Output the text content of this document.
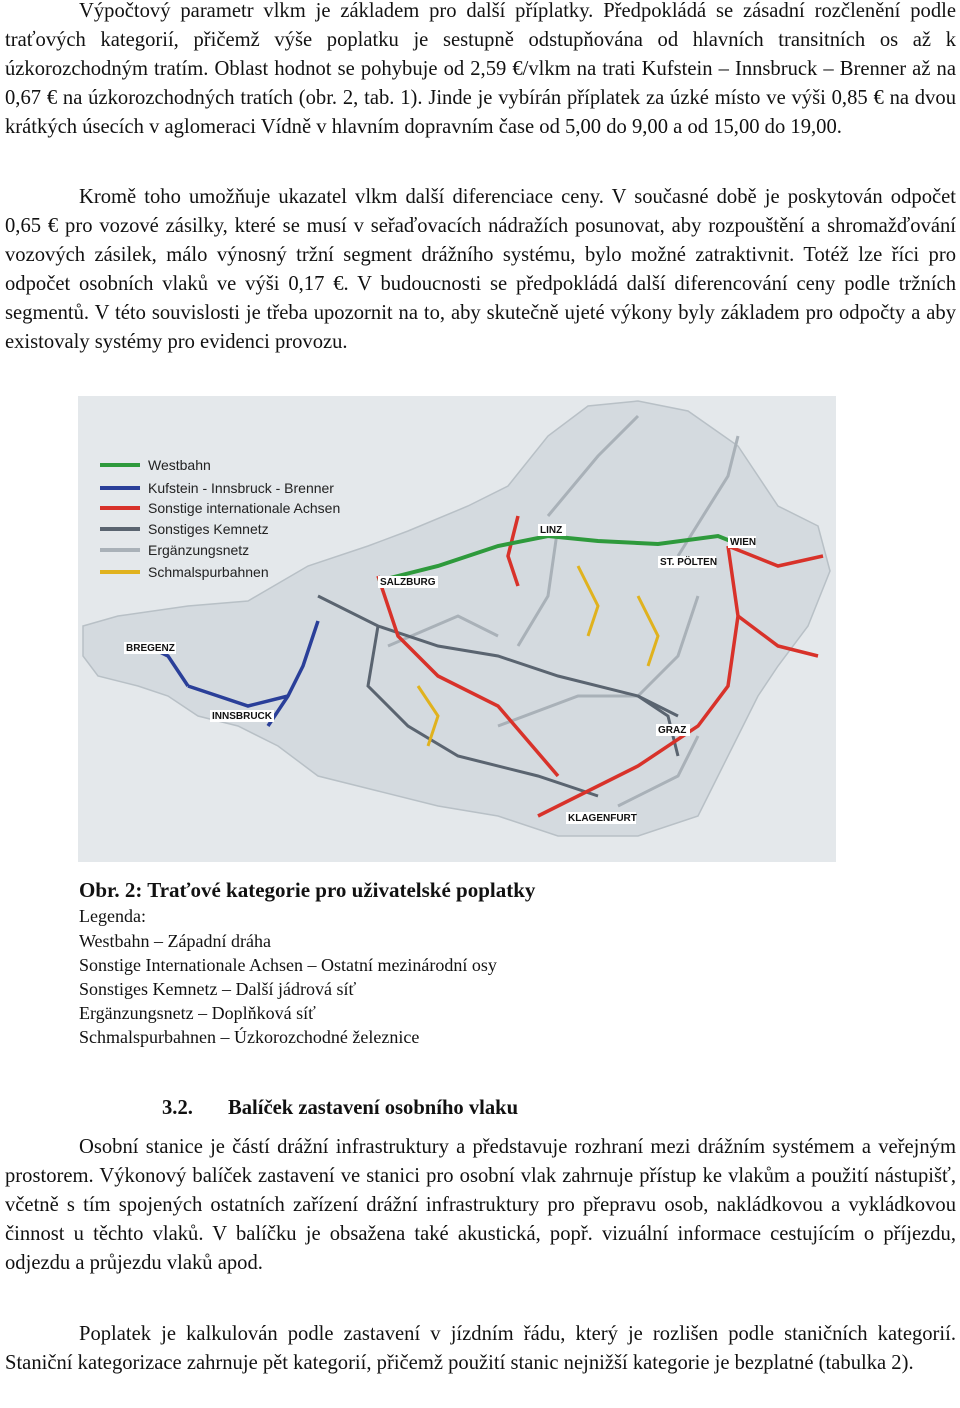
Výpočtový parametr vlkm je základem pro další příplatky. Předpokládá se zásadní rozčlenění podle traťových kategorií, přičemž výše poplatku je sestupně odstupňována od hlavních transitních os až k úzkorozchodným tratím. Oblast hodnot se pohybuje od 2,59 €/vlkm na trati Kufstein – Innsbruck – Brenner až na 0,67 € na úzkorozchodných tratích (obr. 2, tab. 1). Jinde je vybírán příplatek za úzké místo ve výši 0,85 € na dvou krátkých úsecích v aglomeraci Vídně v hlavním dopravním čase od 5,00 do 9,00 a od 15,00 do 19,00.

Kromě toho umožňuje ukazatel vlkm další diferenciace ceny. V současné době je poskytován odpočet 0,65 € pro vozové zásilky, které se musí v seřaďovacích nádražích posunovat, aby rozpouštění a shromažďování vozových zásilek, málo výnosný tržní segment drážního systému, bylo možné zatraktivnit. Totéž lze říci pro odpočet osobních vlaků ve výši 0,17 €. V budoucnosti se předpokládá další diferencování ceny podle tržních segmentů. V této souvislosti je třeba upozornit na to, aby skutečně ujeté výkony byly základem pro odpočty a aby existovaly systémy pro evidenci provozu.

Westbahn
Kufstein - Innsbruck - Brenner
Sonstige internationale Achsen
Sonstiges Kemnetz
Ergänzungsnetz
Schmalspurbahnen
LINZ
WIEN
ST. PÖLTEN
SALZBURG
BREGENZ
INNSBRUCK
GRAZ
KLAGENFURT

Obr. 2: Traťové kategorie pro uživatelské poplatky

Legenda:

Westbahn – Západní dráha

Sonstige Internationale Achsen – Ostatní mezinárodní osy

Sonstiges Kemnetz – Další jádrová síť

Ergänzungsnetz – Doplňková síť

Schmalspurbahnen – Úzkorozchodné železnice

3.2. Balíček zastavení osobního vlaku

Osobní stanice je částí drážní infrastruktury a představuje rozhraní mezi drážním systémem a veřejným prostorem. Výkonový balíček zastavení ve stanici pro osobní vlak zahrnuje přístup ke vlakům a použití nástupišť, včetně s tím spojených ostatních zařízení drážní infrastruktury pro přepravu osob, nakládkovou a vykládkovou činnost u těchto vlaků. V balíčku je obsažena také akustická, popř. vizuální informace cestujícím o příjezdu, odjezdu a průjezdu vlaků apod.

Poplatek je kalkulován podle zastavení v jízdním řádu, který je rozlišen podle staničních kategorií. Staniční kategorizace zahrnuje pět kategorií, přičemž použití stanic nejnižší kategorie je bezplatné (tabulka 2).
